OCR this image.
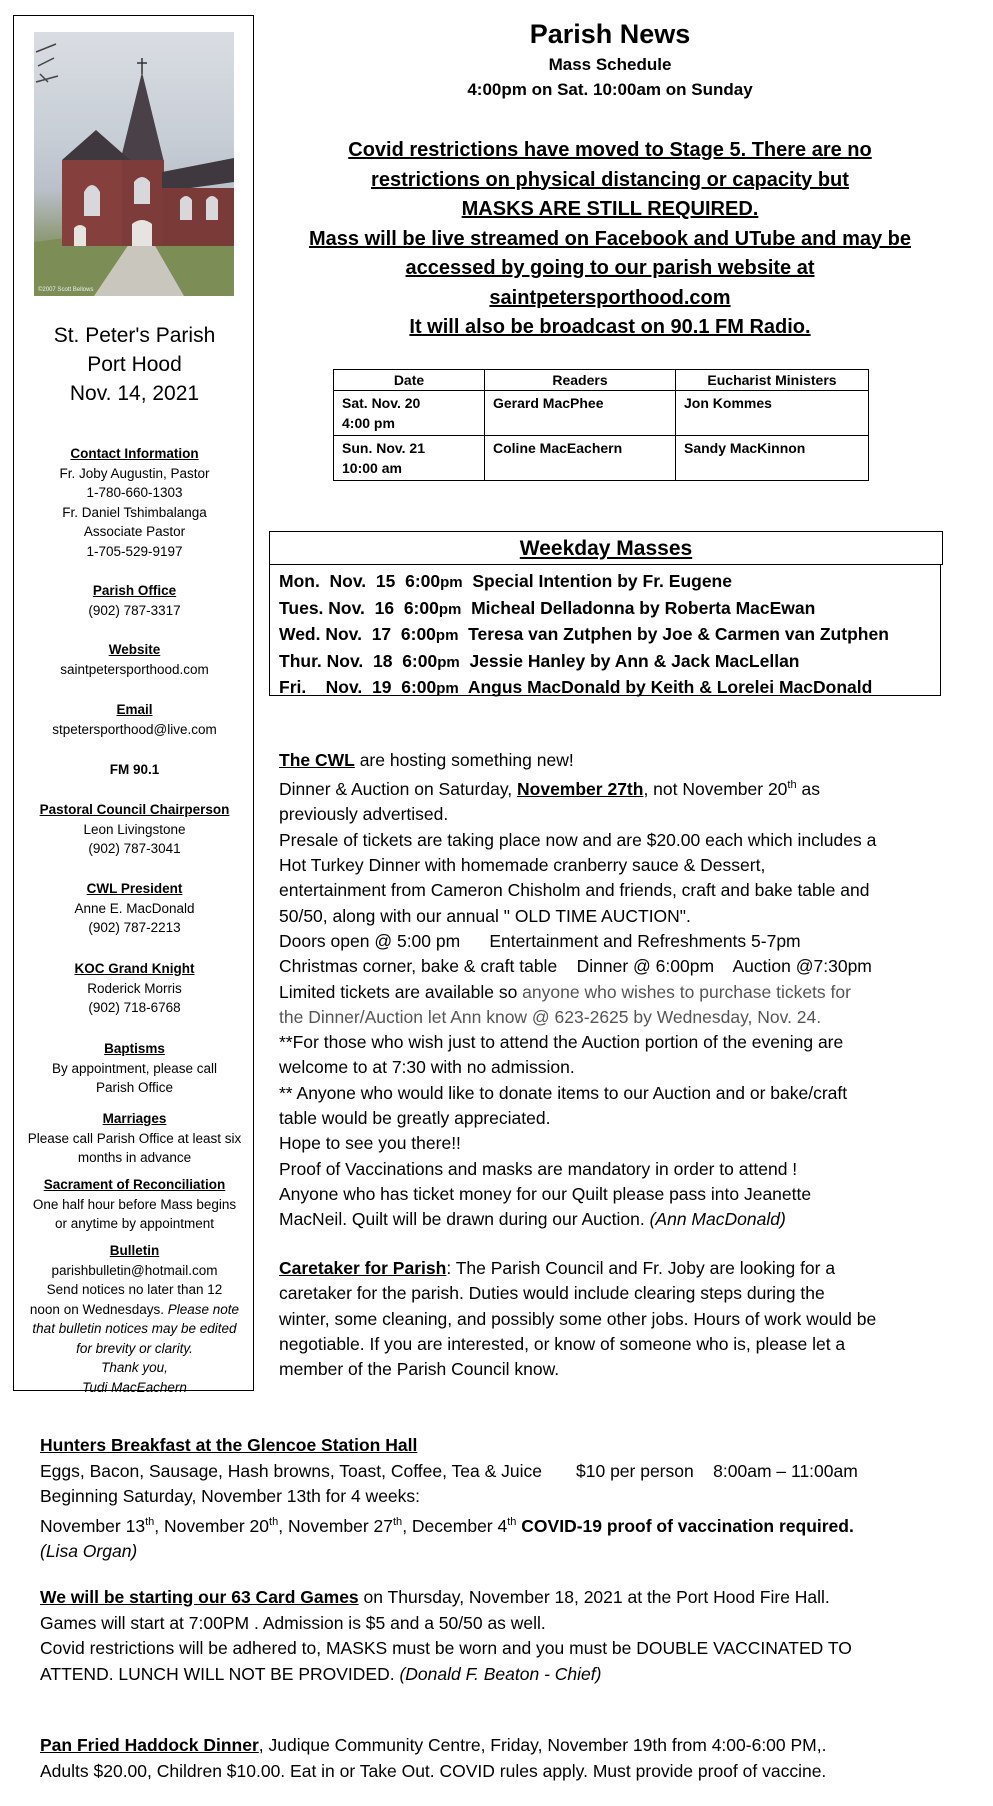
©2007 Scott Bellows
St. Peter's Parish
Port Hood
Nov. 14, 2021
Contact Information
Fr. Joby Augustin, Pastor
1-780-660-1303
Fr. Daniel Tshimbalanga
Associate Pastor
1-705-529-9197
Parish Office
(902) 787-3317
Website
saintpetersporthood.com
Email
stpetersporthood@live.com
FM 90.1
Pastoral Council Chairperson
Leon Livingstone
(902) 787-3041
CWL President
Anne E. MacDonald
(902) 787-2213
KOC Grand Knight
Roderick Morris
(902) 718-6768
Baptisms
By appointment, please call
Parish Office
Marriages
Please call Parish Office at least six
months in advance
Sacrament of Reconciliation
One half hour before Mass begins
or anytime by appointment
Bulletin
parishbulletin@hotmail.com
Send notices no later than 12
noon on Wednesdays. Please note
that bulletin notices may be edited
for brevity or clarity.
Thank you,
Tudi MacEachern
Parish News
Mass Schedule
4:00pm on Sat. 10:00am on Sunday
Covid restrictions have moved to Stage 5. There are no
restrictions on physical distancing or capacity but
MASKS ARE STILL REQUIRED.
Mass will be live streamed on Facebook and UTube and may be
accessed by going to our parish website at
saintpetersporthood.com
It will also be broadcast on 90.1 FM Radio.
Date	Readers	Eucharist Ministers

Sat. Nov. 20
4:00 pm	Gerard MacPhee	Jon Kommes

Sun. Nov. 21
10:00 am	Coline MacEachern	Sandy MacKinnon
Weekday Masses
Mon.  Nov.  15  6:00pm  Special Intention by Fr. Eugene
Tues. Nov.  16  6:00pm  Micheal Delladonna by Roberta MacEwan
Wed. Nov.  17  6:00pm  Teresa van Zutphen by Joe & Carmen van Zutphen
Thur. Nov.  18  6:00pm  Jessie Hanley by Ann & Jack MacLellan
Fri.    Nov.  19  6:00pm  Angus MacDonald by Keith & Lorelei MacDonald
The CWL are hosting something new!
Dinner & Auction on Saturday, November 27th, not November 20th as
previously advertised.
Presale of tickets are taking place now and are $20.00 each which includes a
Hot Turkey Dinner with homemade cranberry sauce & Dessert,
entertainment from Cameron Chisholm and friends, craft and bake table and
50/50, along with our annual " OLD TIME AUCTION".
Doors open @ 5:00 pm      Entertainment and Refreshments 5-7pm
Christmas corner, bake & craft table    Dinner @ 6:00pm    Auction @7:30pm
Limited tickets are available so anyone who wishes to purchase tickets for
the Dinner/Auction let Ann know @ 623-2625 by Wednesday, Nov. 24.
**For those who wish just to attend the Auction portion of the evening are
welcome to at 7:30 with no admission.
** Anyone who would like to donate items to our Auction and or bake/craft
table would be greatly appreciated.
Hope to see you there!!
Proof of Vaccinations and masks are mandatory in order to attend !
Anyone who has ticket money for our Quilt please pass into Jeanette
MacNeil. Quilt will be drawn during our Auction. (Ann MacDonald)
Caretaker for Parish: The Parish Council and Fr. Joby are looking for a
caretaker for the parish. Duties would include clearing steps during the
winter, some cleaning, and possibly some other jobs. Hours of work would be
negotiable. If you are interested, or know of someone who is, please let a
member of the Parish Council know.
Hunters Breakfast at the Glencoe Station Hall
Eggs, Bacon, Sausage, Hash browns, Toast, Coffee, Tea & Juice       $10 per person    8:00am – 11:00am
Beginning Saturday, November 13th for 4 weeks:
November 13th, November 20th, November 27th, December 4th COVID-19 proof of vaccination required.
(Lisa Organ)
We will be starting our 63 Card Games on Thursday, November 18, 2021 at the Port Hood Fire Hall.
Games will start at 7:00PM . Admission is $5 and a 50/50 as well.
Covid restrictions will be adhered to, MASKS must be worn and you must be DOUBLE VACCINATED TO
ATTEND. LUNCH WILL NOT BE PROVIDED. (Donald F. Beaton - Chief)
Pan Fried Haddock Dinner, Judique Community Centre, Friday, November 19th from 4:00-6:00 PM,.
Adults $20.00, Children $10.00. Eat in or Take Out. COVID rules apply. Must provide proof of vaccine.
